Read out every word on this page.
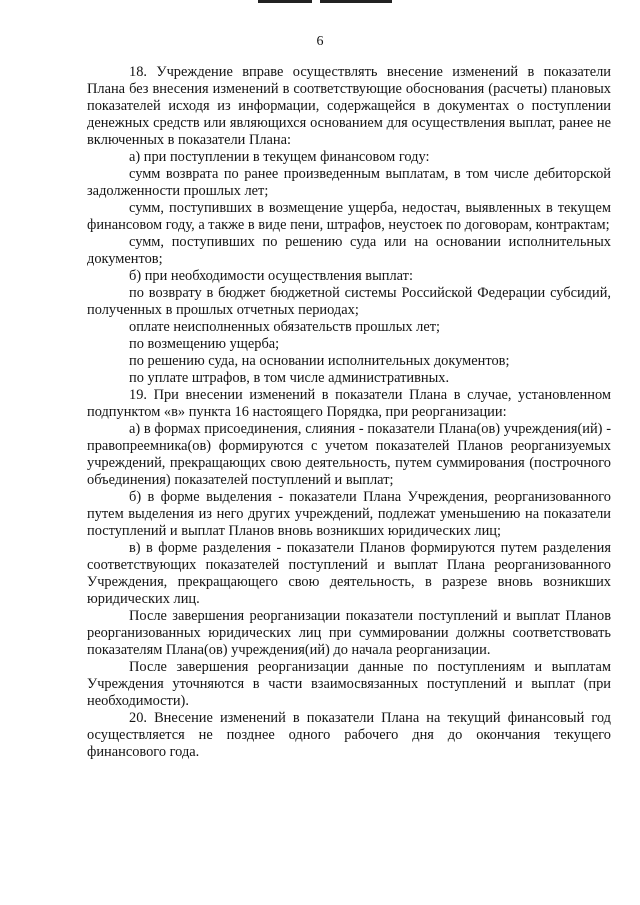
6

18. Учреждение вправе осуществлять внесение изменений в показатели Плана без внесения изменений в соответствующие обоснования (расчеты) плановых показателей исходя из информации, содержащейся в документах о поступлении денежных средств или являющихся основанием для осуществления выплат, ранее не включенных в показатели Плана:

а) при поступлении в текущем финансовом году:

сумм возврата по ранее произведенным выплатам, в том числе дебиторской задолженности прошлых лет;

сумм, поступивших в возмещение ущерба, недостач, выявленных в текущем финансовом году, а также в виде пени, штрафов, неустоек по договорам, контрактам;

сумм, поступивших по решению суда или на основании исполнительных документов;

б) при необходимости осуществления выплат:

по возврату в бюджет бюджетной системы Российской Федерации субсидий, полученных в прошлых отчетных периодах;

оплате неисполненных обязательств прошлых лет;

по возмещению ущерба;

по решению суда, на основании исполнительных документов;

по уплате штрафов, в том числе административных.

19. При внесении изменений в показатели Плана в случае, установленном подпунктом «в» пункта 16 настоящего Порядка, при реорганизации:

а) в формах присоединения, слияния - показатели Плана(ов) учреждения(ий) - правопреемника(ов) формируются с учетом показателей Планов реорганизуемых учреждений, прекращающих свою деятельность, путем суммирования (построчного объединения) показателей поступлений и выплат;

б) в форме выделения - показатели Плана Учреждения, реорганизованного путем выделения из него других учреждений, подлежат уменьшению на показатели поступлений и выплат Планов вновь возникших юридических лиц;

в) в форме разделения - показатели Планов формируются путем разделения соответствующих показателей поступлений и выплат Плана реорганизованного Учреждения, прекращающего свою деятельность, в разрезе вновь возникших юридических лиц.

После завершения реорганизации показатели поступлений и выплат Планов реорганизованных юридических лиц при суммировании должны соответствовать показателям Плана(ов) учреждения(ий) до начала реорганизации.

После завершения реорганизации данные по поступлениям и выплатам Учреждения уточняются в части взаимосвязанных поступлений и выплат (при необходимости).

20. Внесение изменений в показатели Плана на текущий финансовый год осуществляется не позднее одного рабочего дня до окончания текущего финансового года.
